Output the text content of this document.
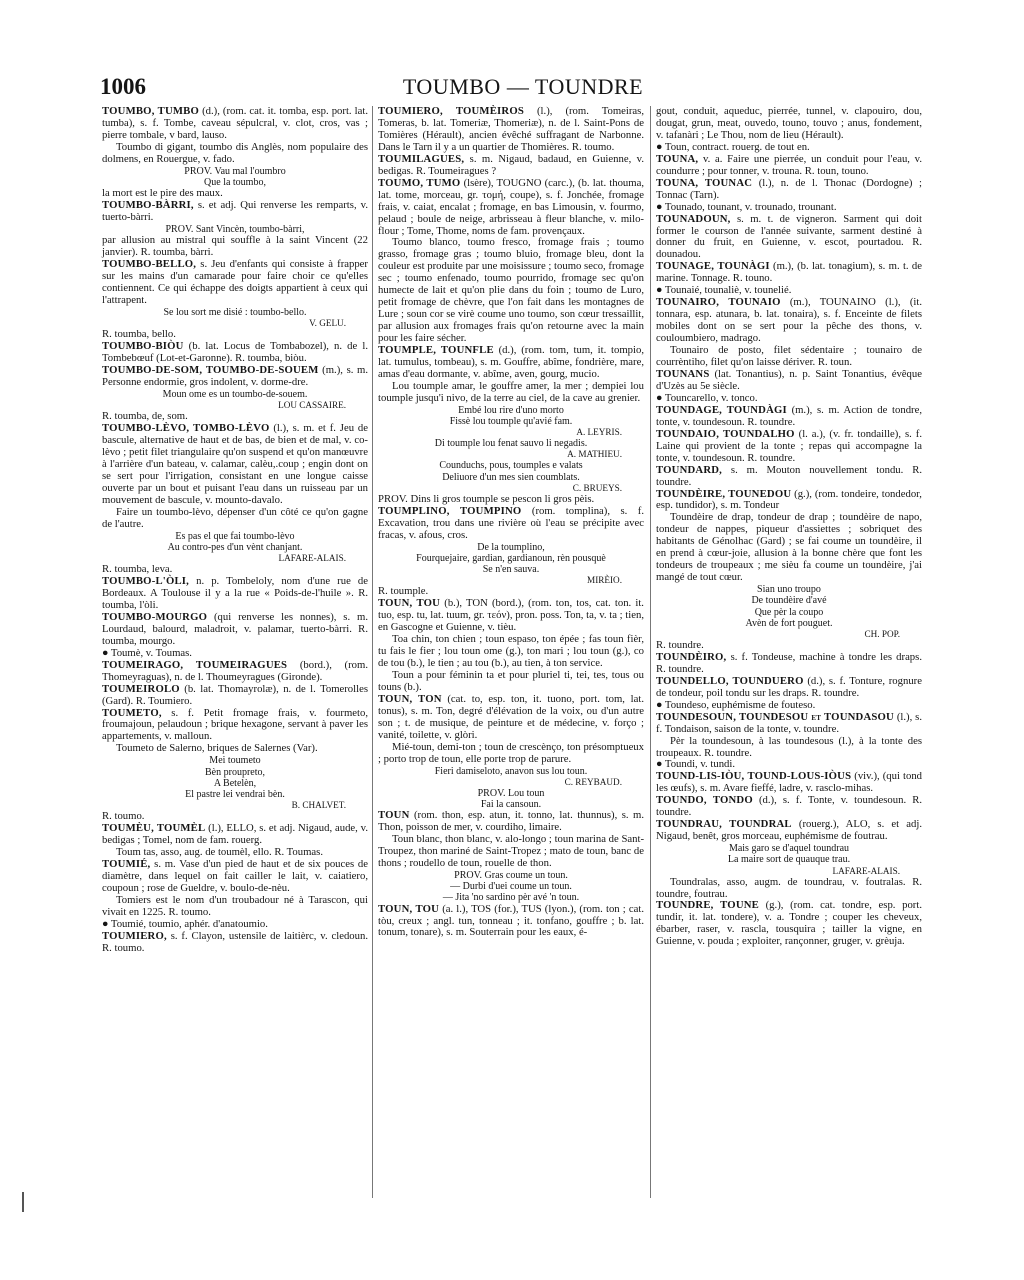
1006	TOUMBO — TOUNDRE

TOUMBO, TUMBO (d.), (rom. cat. it. tomba, esp. port. lat. tumba), s. f. Tombe, caveau sépulcral, v. clot, cros, vas ; pierre tombale, v bard, lauso.

Toumbo di gigant, toumbo dis Anglès, nom populaire des dolmens, en Rouergue, v. fado.

PROV. Vau mal l'oumbro
Que la toumbo,

la mort est le pire des maux.

TOUMBO-BÀRRI, s. et adj. Qui renverse les remparts, v. tuerto-bàrri.

PROV. Sant Vincèn, toumbo-bàrri,

par allusion au mistral qui souffle à la saint Vincent (22 janvier). R. toumba, bàrri.

TOUMBO-BELLO, s. Jeu d'enfants qui consiste à frapper sur les mains d'un camarade pour faire choir ce qu'elles contiennent. Ce qui échappe des doigts appartient à ceux qui l'attrapent.

Se lou sort me disié : toumbo-bello.

V. GELU.

R. toumba, bello.

TOUMBO-BIÒU (b. lat. Locus de Tombabozel), n. de l. Tombebœuf (Lot-et-Garonne). R. toumba, biòu.

TOUMBO-DE-SOM, TOUMBO-DE-SOUEM (m.), s. m. Personne endormie, gros indolent, v. dorme-dre.

Moun ome es un toumbo-de-souem.

LOU CASSAIRE.

R. toumba, de, som.

TOUMBO-LÈVO, TOMBO-LÈVO (l.), s. m. et f. Jeu de bascule, alternative de haut et de bas, de bien et de mal, v. co-lèvo ; petit filet triangulaire qu'on suspend et qu'on manœuvre à l'arrière d'un bateau, v. calamar, calèu,.coup ; engin dont on se sert pour l'irrigation, consistant en une longue caisse ouverte par un bout et puisant l'eau dans un ruisseau par un mouvement de bascule, v. mounto-davalo.

Faire un toumbo-lèvo, dépenser d'un côté ce qu'on gagne de l'autre.

Es pas el que fai toumbo-lèvo
Au contro-pes d'un vènt chanjant.

LAFARE-ALAIS.

R. toumba, leva.

TOUMBO-L'ÒLI, n. p. Tombeloly, nom d'une rue de Bordeaux. A Toulouse il y a la rue « Poids-de-l'huile ». R. toumba, l'òli.

TOUMBO-MOURGO (qui renverse les nonnes), s. m. Lourdaud, balourd, maladroit, v. palamar, tuerto-bàrri. R. toumba, mourgo.

● Toumè, v. Toumas.

TOUMEIRAGO, TOUMEIRAGUES (bord.), (rom. Thomeyraguas), n. de l. Thoumeyragues (Gironde).

TOUMEIROLO (b. lat. Thomayrolæ), n. de l. Tomerolles (Gard). R. Toumiero.

TOUMETO, s. f. Petit fromage frais, v. fourmeto, froumajoun, pelaudoun ; brique hexagone, servant à paver les appartements, v. malloun.

Toumeto de Salerno, briques de Salernes (Var).

Mei toumeto
Bèn proupreto,
A Betelèn,
El pastre lei vendrai bèn.

B. CHALVET.

R. toumo.

TOUMÈU, TOUMÈL (l.), ELLO, s. et adj. Nigaud, aude, v. bedigas ; Tomel, nom de fam. rouerg.

Toum tas, asso, aug. de toumèl, ello. R. Toumas.

TOUMIÉ, s. m. Vase d'un pied de haut et de six pouces de diamètre, dans lequel on fait cailler le lait, v. caiatiero, coupoun ; rose de Gueldre, v. boulo-de-nèu.

Tomiers est le nom d'un troubadour né à Tarascon, qui vivait en 1225. R. toumo.

● Toumié, toumio, aphér. d'anatoumio.

TOUMIERO, s. f. Clayon, ustensile de laitièrc, v. cledoun. R. toumo.

TOUMIERO, TOUMÈIROS (l.), (rom. Tomeiras, Tomeras, b. lat. Tomeriæ, Thomeriæ), n. de l. Saint-Pons de Tomières (Hérault), ancien évêché suffragant de Narbonne. Dans le Tarn il y a un quartier de Thomières. R. toumo.

TOUMILAGUES, s. m. Nigaud, badaud, en Guienne, v. bedigas. R. Toumeiragues ?

TOUMO, TUMO (lsère), TOUGNO (carc.), (b. lat. thouma, lat. tome, morceau, gr. τομή, coupe), s. f. Jonchée, fromage frais, v. caiat, encalat ; fromage, en bas Limousin, v. fourmo, pelaud ; boule de neige, arbrisseau à fleur blanche, v. milo-flour ; Tome, Thome, noms de fam. provençaux.

Toumo blanco, toumo fresco, fromage frais ; toumo grasso, fromage gras ; toumo bluio, fromage bleu, dont la couleur est produite par une moisissure ; toumo seco, fromage sec ; toumo enfenado, toumo pourrido, fromage sec qu'on humecte de lait et qu'on plie dans du foin ; toumo de Luro, petit fromage de chèvre, que l'on fait dans les montagnes de Lure ; soun cor se virè coume uno toumo, son cœur tressaillit, par allusion aux fromages frais qu'on retourne avec la main pour les faire sécher.

TOUMPLE, TOUNFLE (d.), (rom. tom, tum, it. tompio, lat. tumulus, tombeau), s. m. Gouffre, abîme, fondrière, mare, amas d'eau dormante, v. abîme, aven, gourg, mucio.

Lou toumple amar, le gouffre amer, la mer ; dempiei lou toumple jusqu'i nivo, de la terre au ciel, de la cave au grenier.

Embé lou rire d'uno morto
Fissè lou toumple qu'avié fam.

A. LEYRIS.

Di toumple lou fenat sauvo li negadis.

A. MATHIEU.

Counduchs, pous, toumples e valats
Deliuore d'un mes sien coumblats.

C. BRUEYS.

PROV. Dins li gros toumple se pescon li gros pèis.

TOUMPLINO, TOUMPINO (rom. tomplina), s. f. Excavation, trou dans une rivière où l'eau se précipite avec fracas, v. afous, cros.

De la toumplino,
Fourquejaire, gardian, gardianoun, rèn pousquè
Se n'en sauva.

MIRÈIO.

R. toumple.

TOUN, TOU (b.), TON (bord.), (rom. ton, tos, cat. ton. it. tuo, esp. tu, lat. tuum, gr. τεόν), pron. poss. Ton, ta, v. ta ; tien, en Gascogne et Guienne, v. tièu.

Toa chin, ton chien ; toun espaso, ton épée ; fas toun fièr, tu fais le fier ; lou toun ome (g.), ton mari ; lou toun (g.), co de tou (b.), le tien ; au tou (b.), au tien, à ton service.

Toun a pour féminin ta et pour pluriel ti, tei, tes, tous ou touns (b.).

TOUN, TON (cat. to, esp. ton, it. tuono, port. tom, lat. tonus), s. m. Ton, degré d'élévation de la voix, ou d'un autre son ; t. de musique, de peinture et de médecine, v. forço ; vanité, toilette, v. glòri.

Mié-toun, demi-ton ; toun de crescènço, ton présomptueux ; porto trop de toun, elle porte trop de parure.

Fieri damiseloto, anavon sus lou toun.

C. REYBAUD.

PROV. Lou toun
Fai la cansoun.

TOUN (rom. thon, esp. atun, it. tonno, lat. thunnus), s. m. Thon, poisson de mer, v. courdiho, limaire.

Toun blanc, thon blanc, v. alo-longo ; toun marina de Sant-Troupez, thon mariné de Saint-Tropez ; mato de toun, banc de thons ; roudello de toun, rouelle de thon.

PROV. Gras coume un toun.
— Durbi d'uei coume un toun.
— Jita 'no sardino pèr avé 'n toun.

TOUN, TOU (a. l.), TOS (for.), TUS (lyon.), (rom. ton ; cat. tòu, creux ; angl. tun, tonneau ; it. tonfano, gouffre ; b. lat. tonum, tonare), s. m. Souterrain pour les eaux, é-

gout, conduit, aqueduc, pierrée, tunnel, v. clapouiro, dou, dougat, grun, meat, ouvedo, touno, touvo ; anus, fondement, v. tafanàri ; Le Thou, nom de lieu (Hérault).

● Toun, contract. rouerg. de tout en.

TOUNA, v. a. Faire une pierrée, un conduit pour l'eau, v. coundurre ; pour tonner, v. trouna. R. toun, touno.

TOUNA, TOUNAC (l.), n. de l. Thonac (Dordogne) ; Tonnac (Tarn).

● Tounado, tounant, v. trounado, trounant.

TOUNADOUN, s. m. t. de vigneron. Sarment qui doit former le courson de l'année suivante, sarment destiné à donner du fruit, en Guienne, v. escot, pourtadou. R. dounadou.

TOUNAGE, TOUNÀGI (m.), (b. lat. tonagium), s. m. t. de marine. Tonnage. R. touno.

● Tounaié, tounaliè, v. tounelié.

TOUNAIRO, TOUNAIO (m.), TOUNAINO (l.), (it. tonnara, esp. atunara, b. lat. tonaira), s. f. Enceinte de filets mobiles dont on se sert pour la pêche des thons, v. couloumbiero, madrago.

Tounairo de posto, filet sédentaire ; tounairo de courrèntiho, filet qu'on laisse dériver. R. toun.

TOUNANS (lat. Tonantius), n. p. Saint Tonantius, évêque d'Uzès au 5e siècle.

● Touncarello, v. tonco.

TOUNDAGE, TOUNDÀGI (m.), s. m. Action de tondre, tonte, v. toundesoun. R. toundre.

TOUNDAIO, TOUNDALHO (l. a.), (v. fr. tondaille), s. f. Laine qui provient de la tonte ; repas qui accompagne la tonte, v. toundesoun. R. toundre.

TOUNDARD, s. m. Mouton nouvellement tondu. R. toundre.

TOUNDÈIRE, TOUNEDOU (g.), (rom. tondeire, tondedor, esp. tundidor), s. m. Tondeur

Toundèire de drap, tondeur de drap ; toundèire de napo, tondeur de nappes, piqueur d'assiettes ; sobriquet des habitants de Génolhac (Gard) ; se fai coume un toundèire, il en prend à cœur-joie, allusion à la bonne chère que font les tondeurs de troupeaux ; me sièu fa coume un toundèire, j'ai mangé de tout cœur.

Sian uno troupo
De toundèire d'avé
Que pèr la coupo
Avèn de fort pouguet.

CH. POP.

R. toundre.

TOUNDÈIRO, s. f. Tondeuse, machine à tondre les draps. R. toundre.

TOUNDELLO, TOUNDUERO (d.), s. f. Tonture, rognure de tondeur, poil tondu sur les draps. R. toundre.

● Toundeso, euphémisme de fouteso.

TOUNDESOUN, TOUNDESOU et TOUNDASOU (l.), s. f. Tondaison, saison de la tonte, v. toundre.

Pèr la toundesoun, à las toundesous (l.), à la tonte des troupeaux. R. toundre.

● Toundi, v. tundi.

TOUND-LIS-IÒU, TOUND-LOUS-IÒUS (viv.), (qui tond les œufs), s. m. Avare fieffé, ladre, v. rasclo-mihas.

TOUNDO, TONDO (d.), s. f. Tonte, v. toundesoun. R. toundre.

TOUNDRAU, TOUNDRAL (rouerg.), ALO, s. et adj. Nigaud, benêt, gros morceau, euphémisme de foutrau.

Mais garo se d'aquel toundrau
La maire sort de quauque trau.

LAFARE-ALAIS.

Toundralas, asso, augm. de toundrau, v. foutralas. R. toundre, foutrau.

TOUNDRE, TOUNE (g.), (rom. cat. tondre, esp. port. tundir, it. lat. tondere), v. a. Tondre ; couper les cheveux, ébarber, raser, v. rascla, tousquira ; tailler la vigne, en Guienne, v. pouda ; exploiter, rançonner, gruger, v. grèuja.
